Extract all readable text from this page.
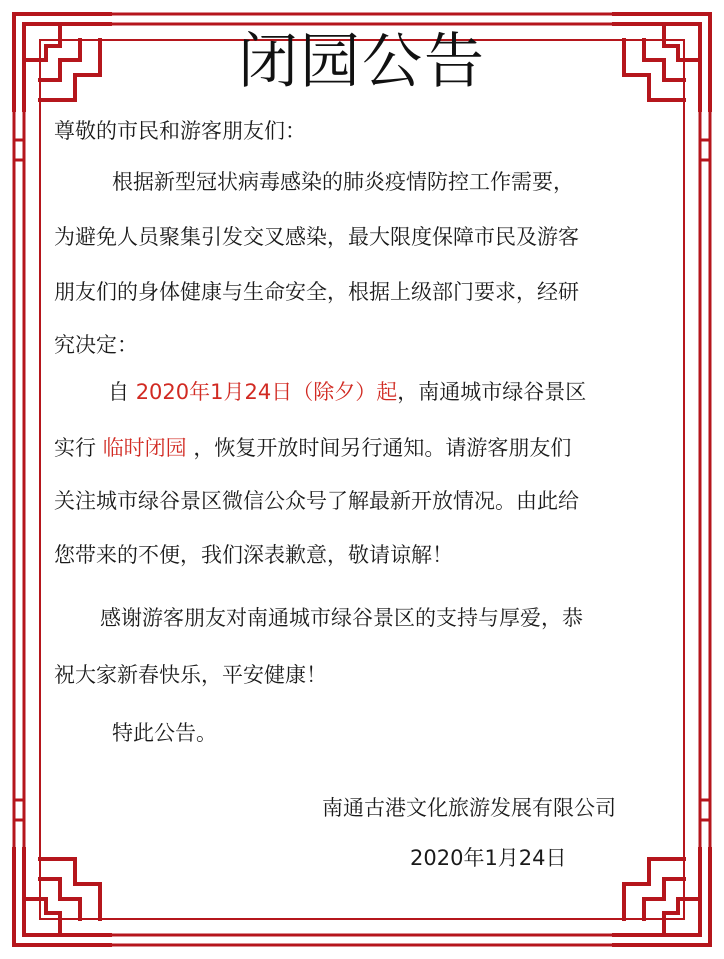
闭园公告
尊敬的市民和游客朋友们：
根据新型冠状病毒感染的肺炎疫情防控工作需要，
为避免人员聚集引发交叉感染，最大限度保障市民及游客
朋友们的身体健康与生命安全，根据上级部门要求，经研
究决定：
自 2020年1月24日（除夕）起，南通城市绿谷景区
实行 临时闭园 ，恢复开放时间另行通知。请游客朋友们
关注城市绿谷景区微信公众号了解最新开放情况。由此给
您带来的不便，我们深表歉意，敬请谅解！
感谢游客朋友对南通城市绿谷景区的支持与厚爱，恭
祝大家新春快乐，平安健康！
特此公告。
南通古港文化旅游发展有限公司
2020年1月24日
